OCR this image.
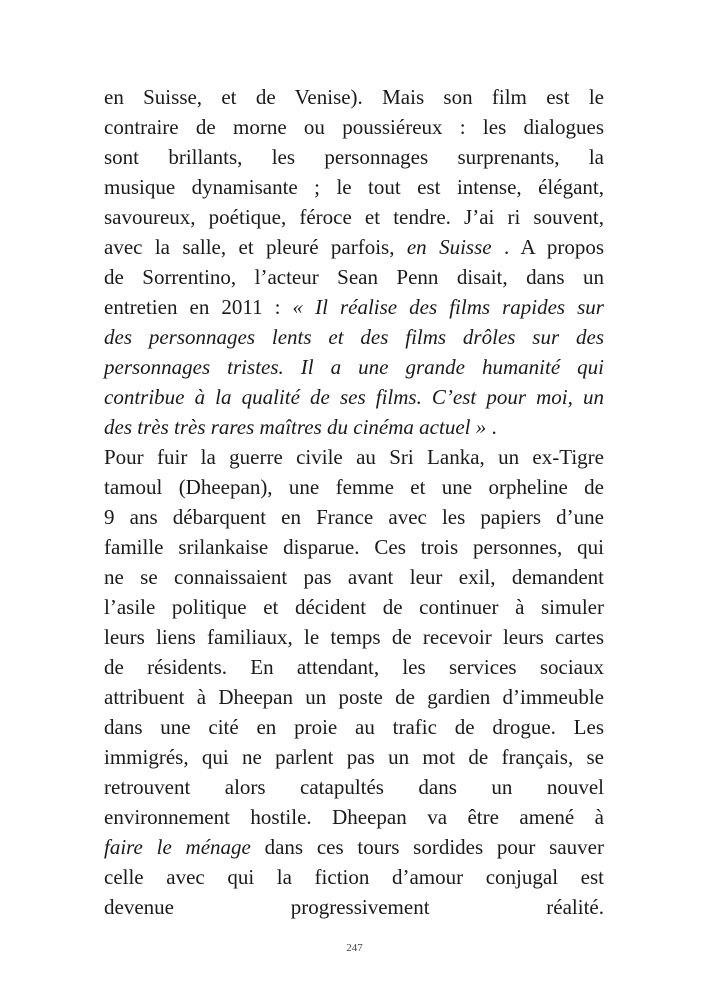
en Suisse, et de Venise). Mais son film est le
contraire de morne ou poussiéreux : les dialogues
sont brillants, les personnages surprenants, la
musique dynamisante ; le tout est intense, élégant,
savoureux, poétique, féroce et tendre. J’ai ri souvent,
avec la salle, et pleuré parfois, en Suisse . A propos
de Sorrentino, l’acteur Sean Penn disait, dans un
entretien en 2011 : « Il réalise des films rapides sur
des personnages lents et des films drôles sur des
personnages tristes. Il a une grande humanité qui
contribue à la qualité de ses films. C’est pour moi, un
des très très rares maîtres du cinéma actuel » .
Pour fuir la guerre civile au Sri Lanka, un ex-Tigre
tamoul (Dheepan), une femme et une orpheline de
9 ans débarquent en France avec les papiers d’une
famille srilankaise disparue. Ces trois personnes, qui
ne se connaissaient pas avant leur exil, demandent
l’asile politique et décident de continuer à simuler
leurs liens familiaux, le temps de recevoir leurs cartes
de résidents. En attendant, les services sociaux
attribuent à Dheepan un poste de gardien d’immeuble
dans une cité en proie au trafic de drogue. Les
immigrés, qui ne parlent pas un mot de français, se
retrouvent alors catapultés dans un nouvel
environnement hostile. Dheepan va être amené à
faire le ménage dans ces tours sordides pour sauver
celle avec qui la fiction d’amour conjugal est
devenue progressivement réalité.
247
